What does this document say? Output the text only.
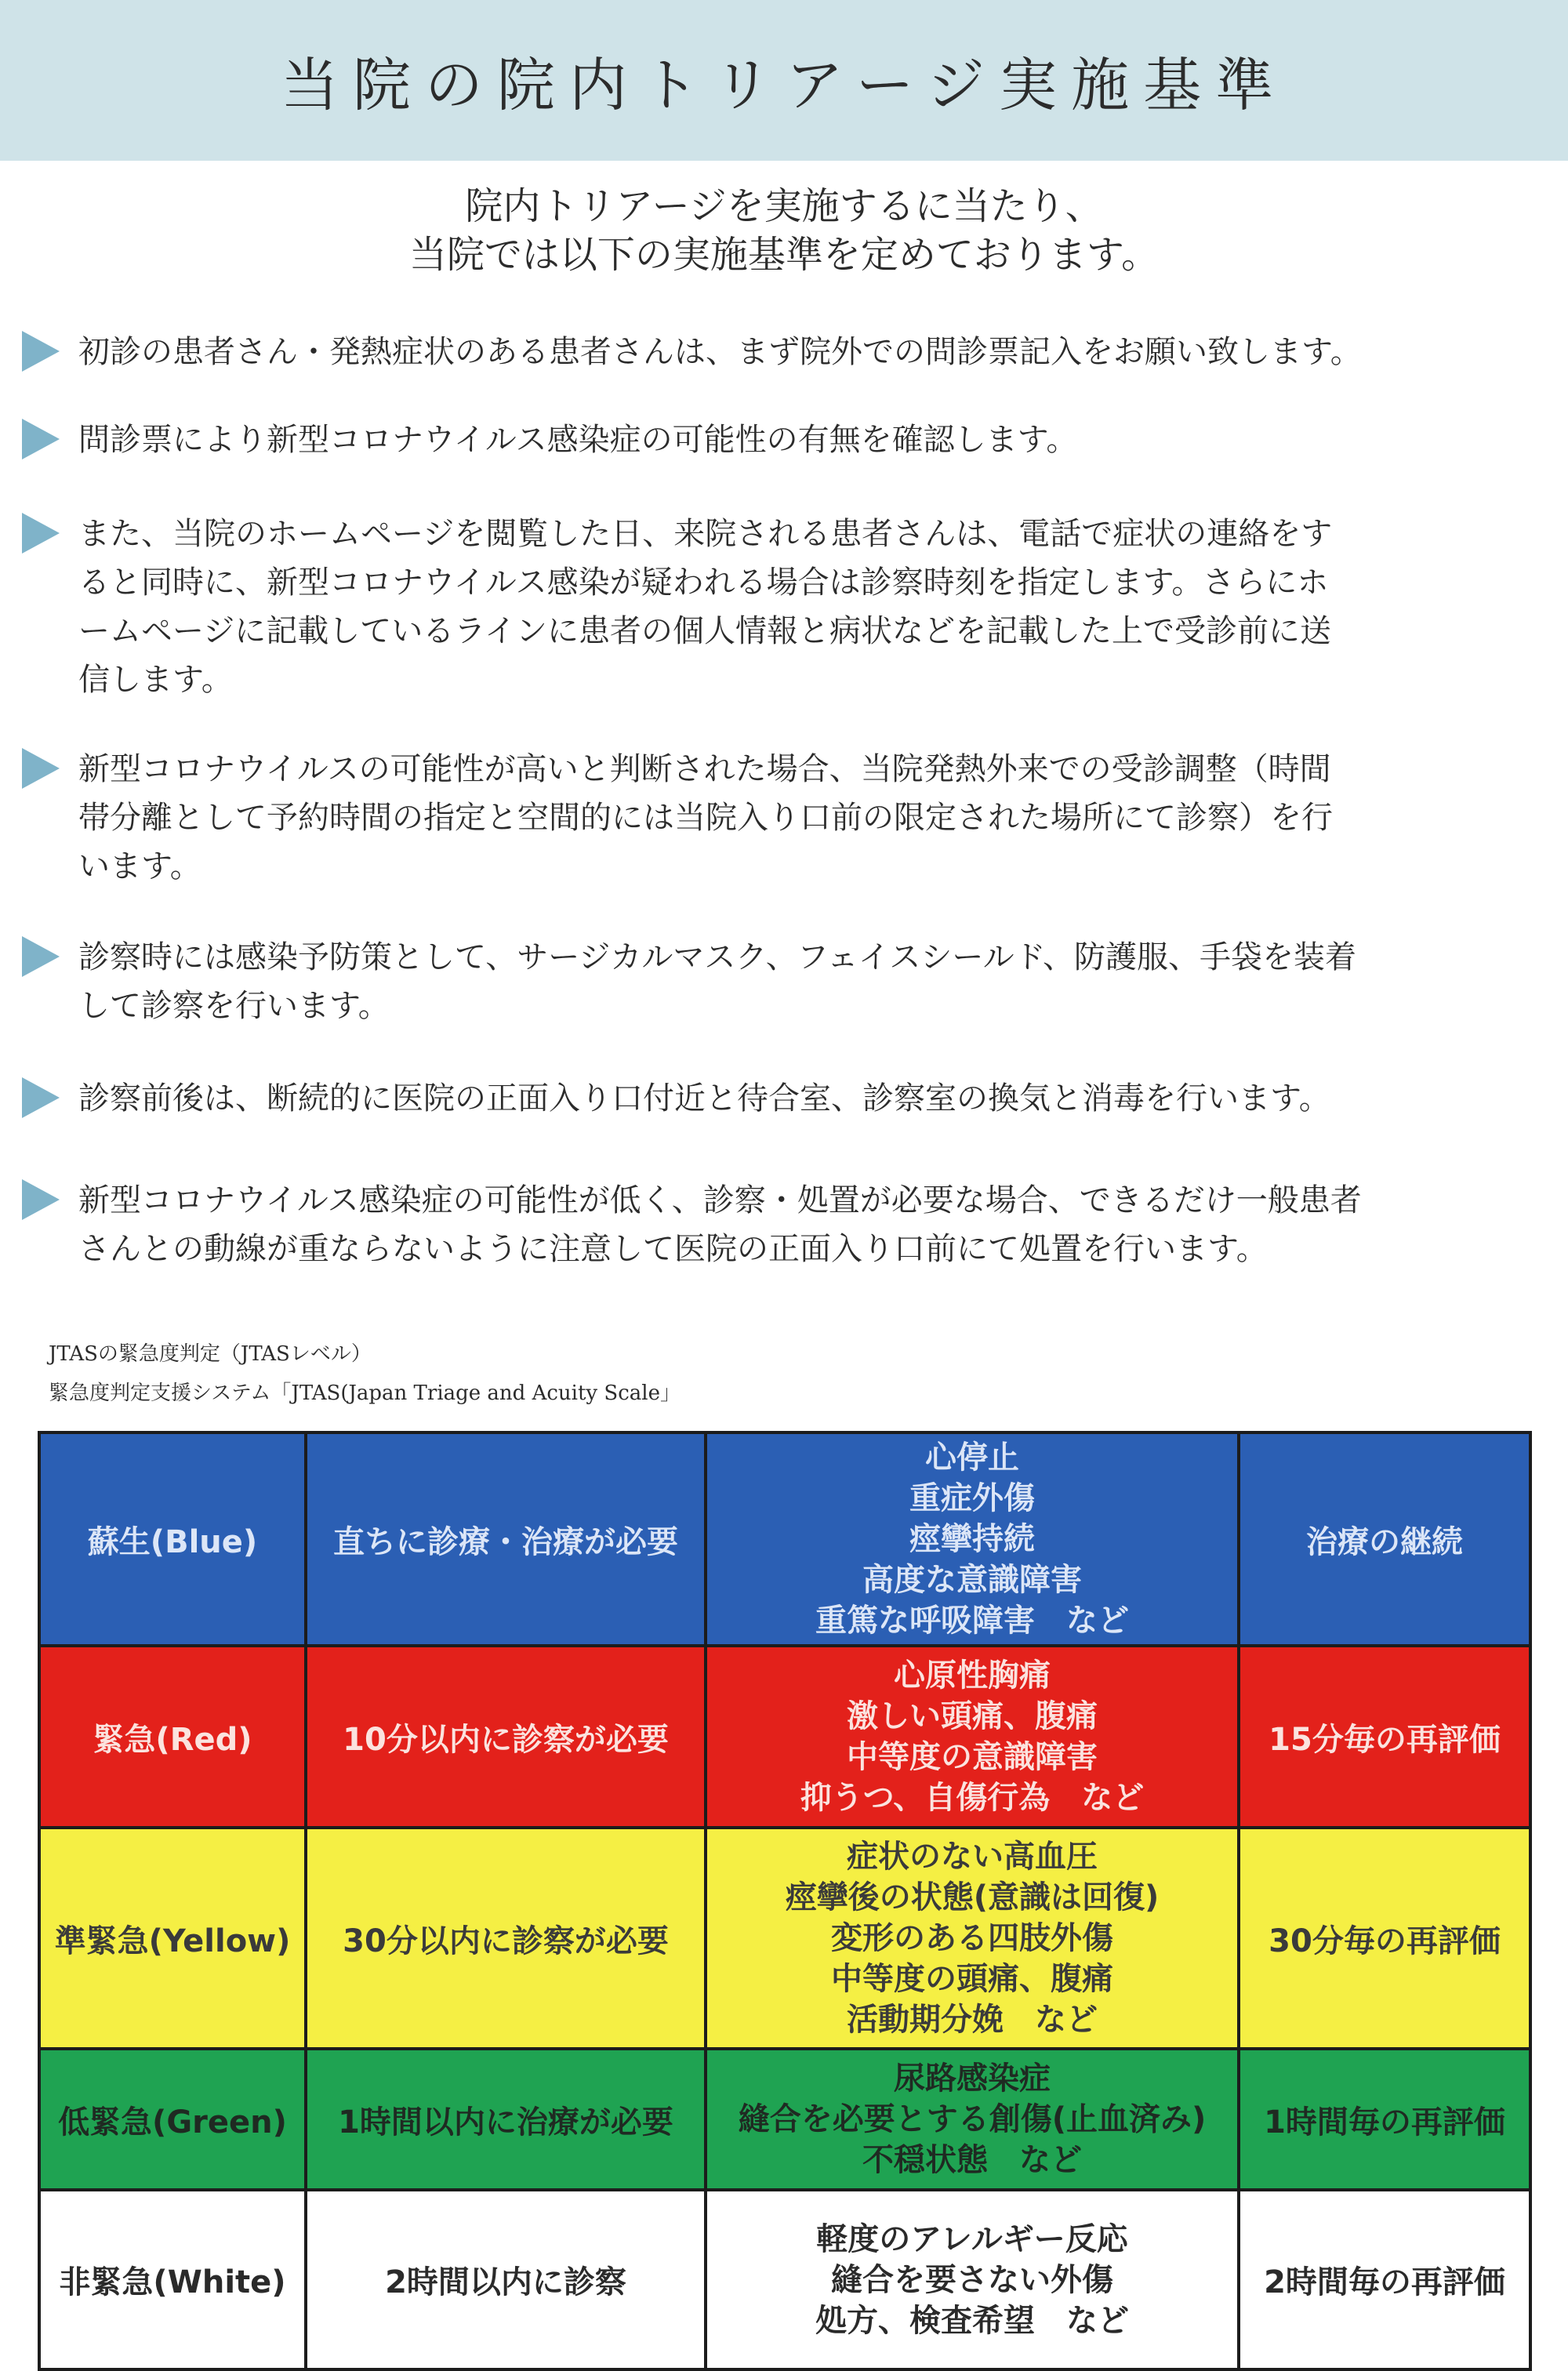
当院の院内トリアージ実施基準
院内トリアージを実施するに当たり、
当院では以下の実施基準を定めております。
初診の患者さん・発熱症状のある患者さんは、まず院外での問診票記入をお願い致します。
問診票により新型コロナウイルス感染症の可能性の有無を確認します。
また、当院のホームページを閲覧した日、来院される患者さんは、電話で症状の連絡をす
ると同時に、新型コロナウイルス感染が疑われる場合は診察時刻を指定します。さらにホ
ームページに記載しているラインに患者の個人情報と病状などを記載した上で受診前に送
信します。
新型コロナウイルスの可能性が高いと判断された場合、当院発熱外来での受診調整（時間
帯分離として予約時間の指定と空間的には当院入り口前の限定された場所にて診察）を行
います。
診察時には感染予防策として、サージカルマスク、フェイスシールド、防護服、手袋を装着
して診察を行います。
診察前後は、断続的に医院の正面入り口付近と待合室、診察室の換気と消毒を行います。
新型コロナウイルス感染症の可能性が低く、診察・処置が必要な場合、できるだけ一般患者
さんとの動線が重ならないように注意して医院の正面入り口前にて処置を行います。
JTASの緊急度判定（JTASレベル）
緊急度判定支援システム「JTAS(Japan Triage and Acuity Scale」
蘇生(Blue)	直ちに診療・治療が必要	心停止
重症外傷
痙攣持続
高度な意識障害
重篤な呼吸障害　など	治療の継続
緊急(Red)	10分以内に診察が必要	心原性胸痛
激しい頭痛、腹痛
中等度の意識障害
抑うつ、自傷行為　など	15分毎の再評価
準緊急(Yellow)	30分以内に診察が必要	症状のない高血圧
痙攣後の状態(意識は回復)
変形のある四肢外傷
中等度の頭痛、腹痛
活動期分娩　など	30分毎の再評価
低緊急(Green)	1時間以内に治療が必要	尿路感染症
縫合を必要とする創傷(止血済み)
不穏状態　など	1時間毎の再評価
非緊急(White)	2時間以内に診察	軽度のアレルギー反応
縫合を要さない外傷
処方、検査希望　など	2時間毎の再評価
